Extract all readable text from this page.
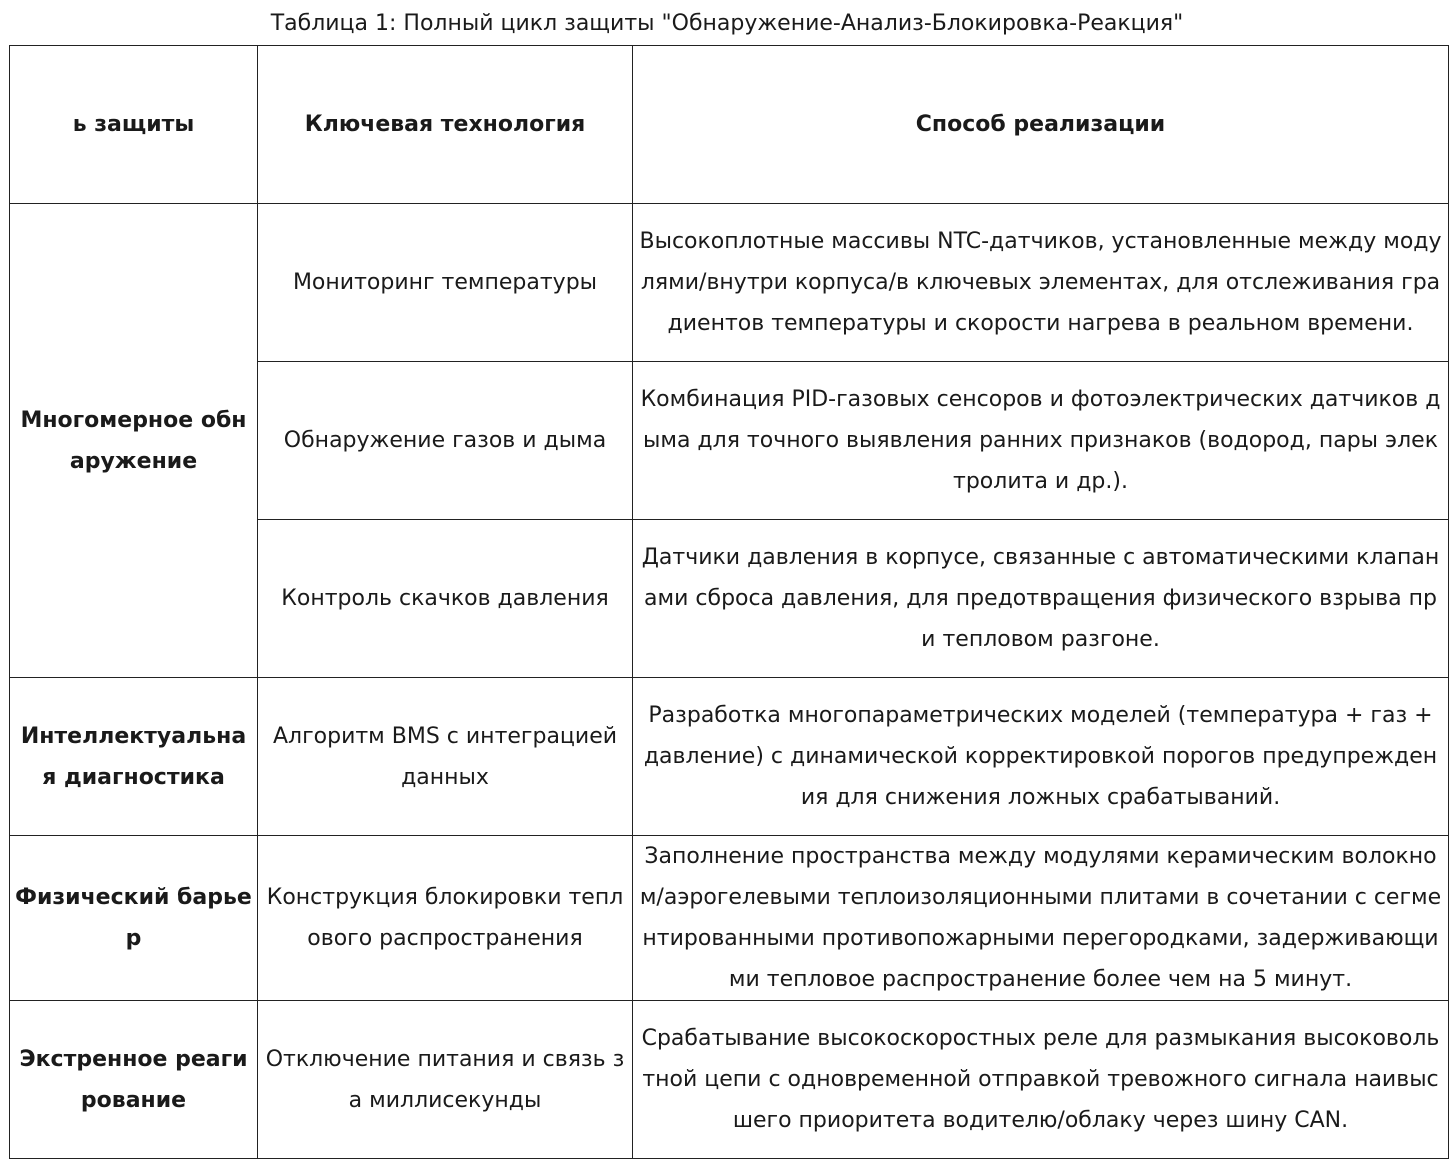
Таблица 1: Полный цикл защиты "Обнаружение-Анализ-Блокировка-Реакция"
ь защиты	Ключевая технология	Способ реализации
Многомерное обнаружение	Мониторинг температуры	Высокоплотные массивы NTC-датчиков, установленные между модулями/внутри корпуса/в ключевых элементах, для отслеживания градиентов температуры и скорости нагрева в реальном времени.
	Обнаружение газов и дыма	Комбинация PID-газовых сенсоров и фотоэлектрических датчиков дыма для точного выявления ранних признаков (водород, пары электролита и др.).
	Контроль скачков давления	Датчики давления в корпусе, связанные с автоматическими клапанами сброса давления, для предотвращения физического взрыва при тепловом разгоне.
Интеллектуальная диагностика	Алгоритм BMS с интеграцией данных	Разработка многопараметрических моделей (температура + газ + давление) с динамической корректировкой порогов предупреждения для снижения ложных срабатываний.
Физический барьер	Конструкция блокировки теплового распространения	Заполнение пространства между модулями керамическим волокном/аэрогелевыми теплоизоляционными плитами в сочетании с сегментированными противопожарными перегородками, задерживающими тепловое распространение более чем на 5 минут.
Экстренное реагирование	Отключение питания и связь за миллисекунды	Срабатывание высокоскоростных реле для размыкания высоковольтной цепи с одновременной отправкой тревожного сигнала наивысшего приоритета водителю/облаку через шину CAN.
